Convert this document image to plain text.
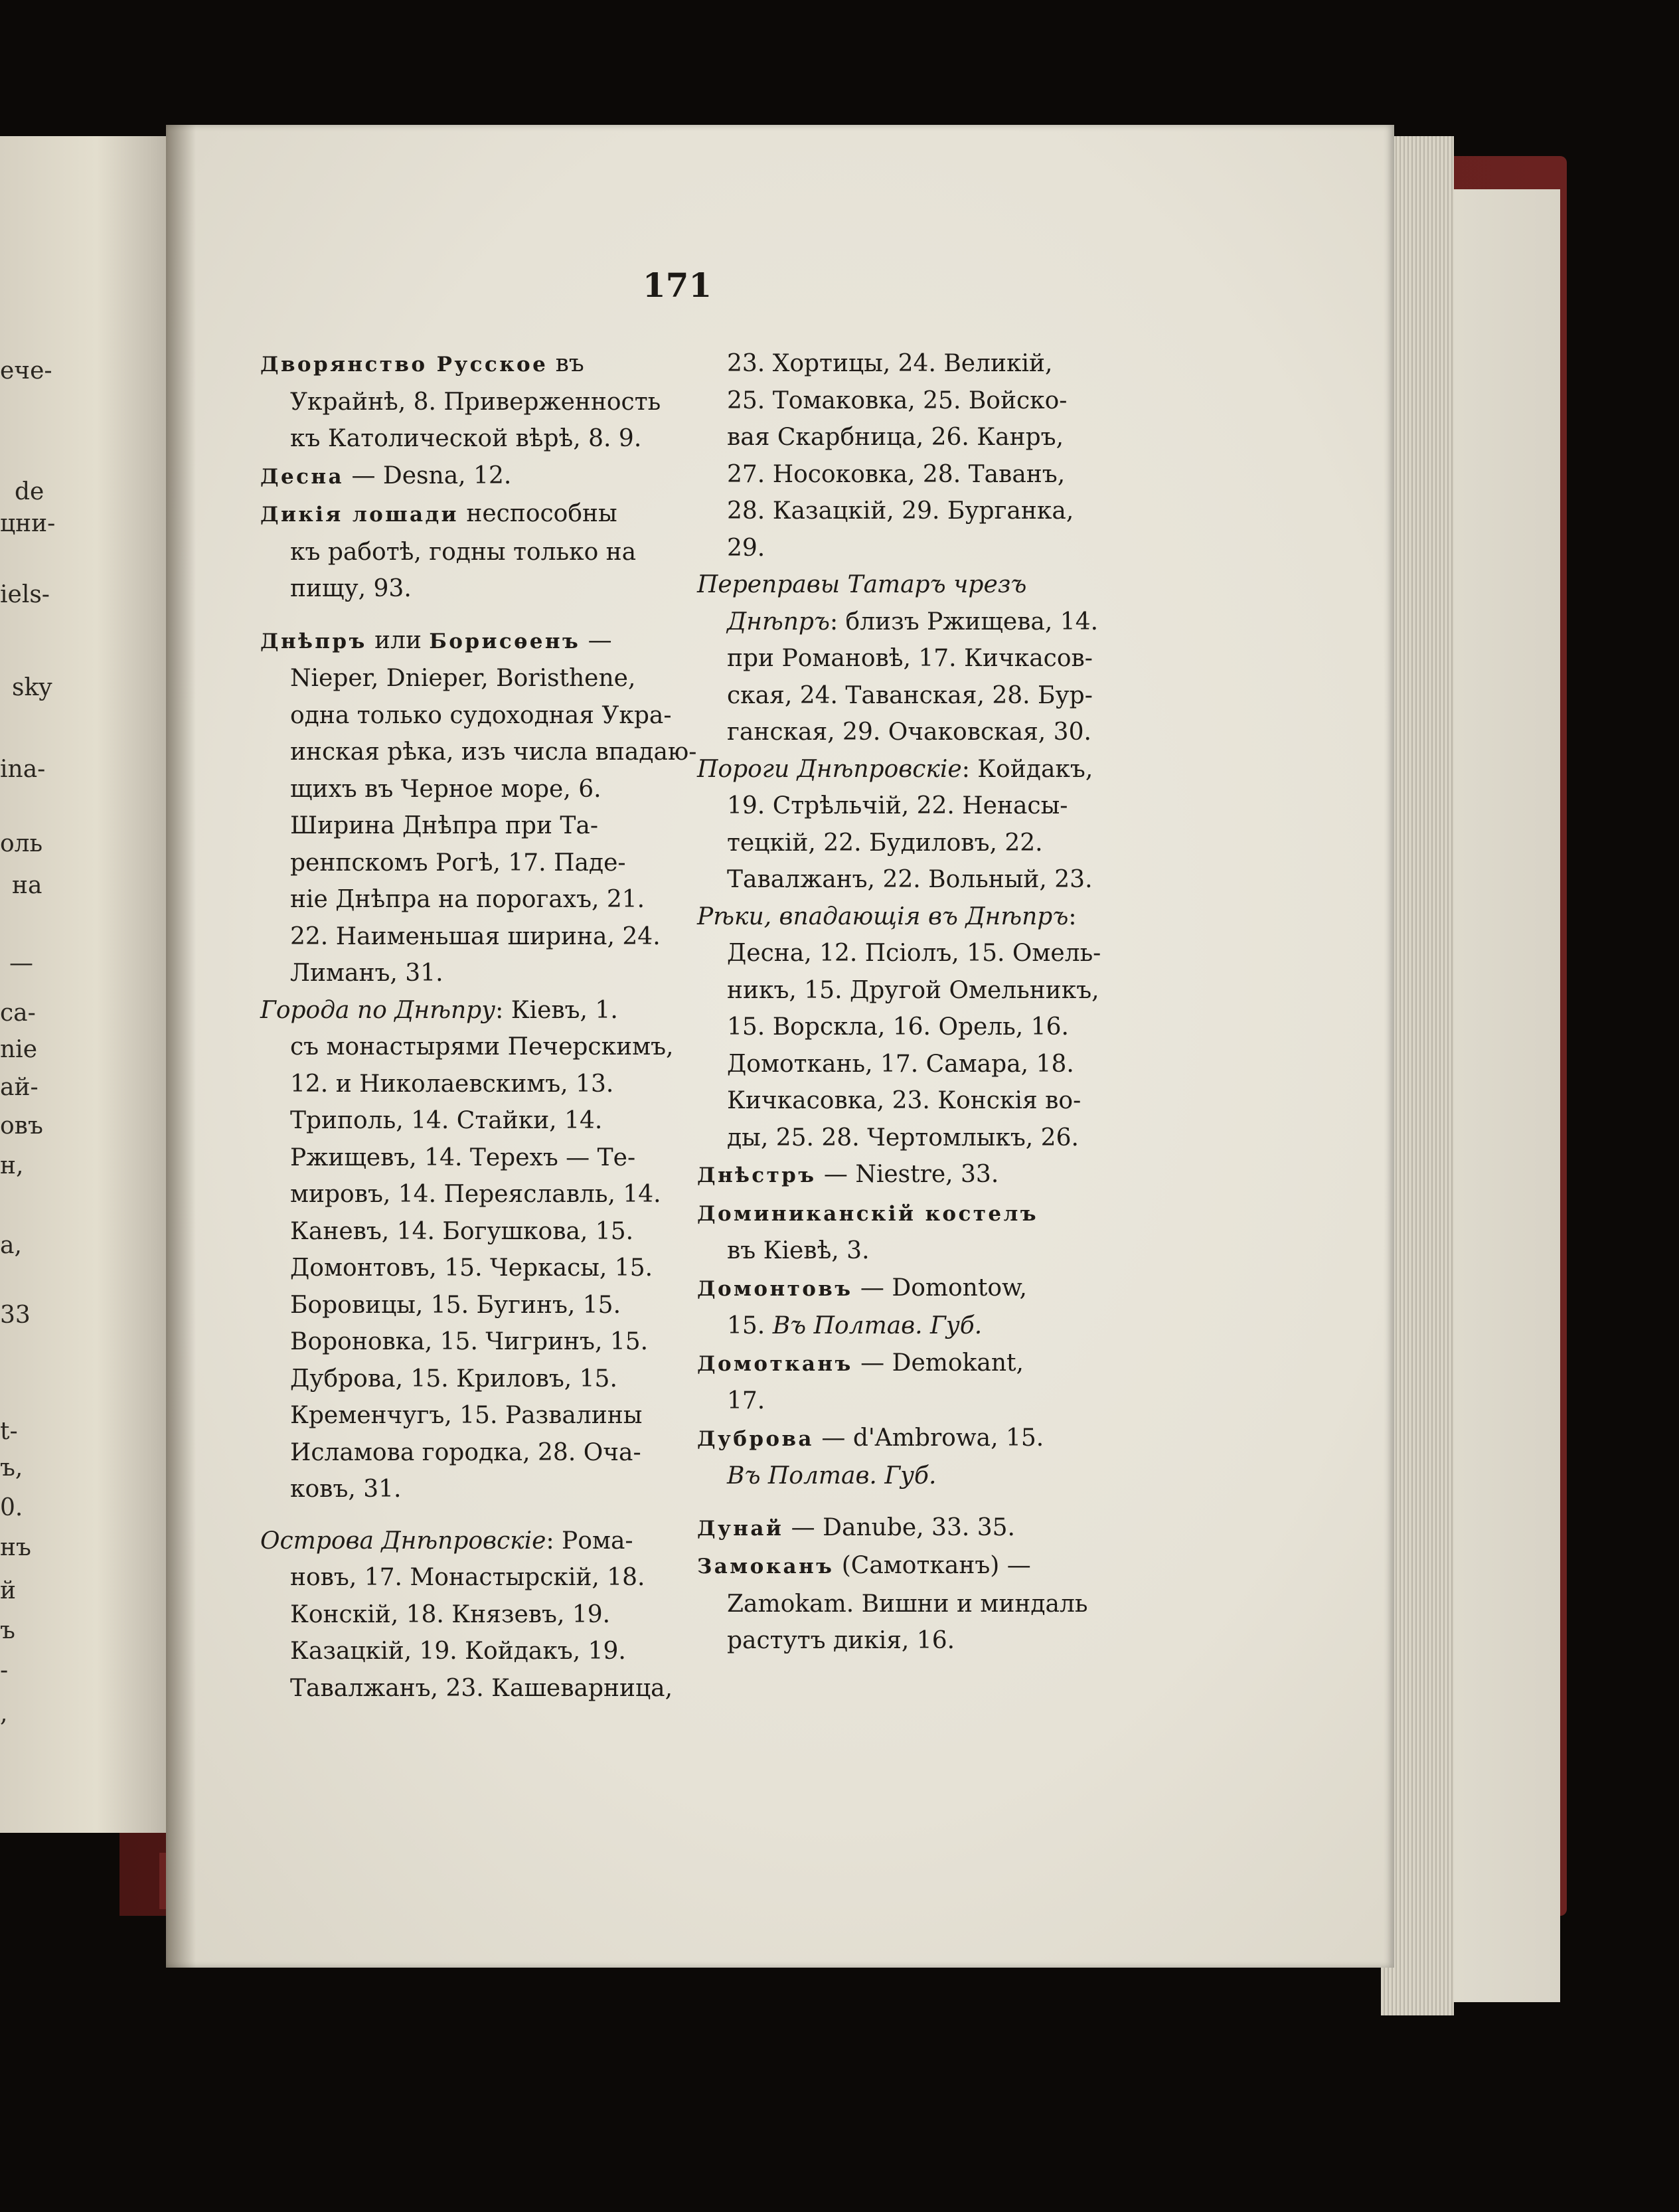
ече-
de
цни-
iels-
sky
ina-
оль
на
—
са-
nie
ай-
овъ
н,
а,
33
t-
ъ,
0.
нъ
й
ъ
-
,
171
Дворянство Русское въ
Украйнѣ, 8. Приверженность
къ Католической вѣрѣ, 8. 9.
Десна — Desna, 12.
Дикія лошади неспособны
къ работѣ, годны только на
пищу, 93.
Днѣпръ или Борисѳенъ —
Nieper, Dnieper, Boristhene,
одна только судоходная Укра-
инская рѣка, изъ числа впадаю-
щихъ въ Черное море, 6.
Ширина Днѣпра при Та-
ренпскомъ Рогѣ, 17. Паде-
ніе Днѣпра на порогахъ, 21.
22. Наименьшая ширина, 24.
Лиманъ, 31.
Города по Днѣпру: Кіевъ, 1.
съ монастырями Печерскимъ,
12. и Николаевскимъ, 13.
Триполь, 14. Стайки, 14.
Ржищевъ, 14. Терехъ — Те-
мировъ, 14. Переяславль, 14.
Каневъ, 14. Богушкова, 15.
Домонтовъ, 15. Черкасы, 15.
Боровицы, 15. Бугинъ, 15.
Вороновка, 15. Чигринъ, 15.
Дуброва, 15. Криловъ, 15.
Кременчугъ, 15. Развалины
Исламова городка, 28. Оча-
ковъ, 31.
Острова Днѣпровскіе: Рома-
новъ, 17. Монастырскій, 18.
Конскій, 18. Князевъ, 19.
Казацкій, 19. Койдакъ, 19.
Тавалжанъ, 23. Кашеварница,
23. Хортицы, 24. Великій,
25. Томаковка, 25. Войско-
вая Скарбница, 26. Канръ,
27. Носоковка, 28. Таванъ,
28. Казацкій, 29. Бурганка,
29.
Переправы Татаръ чрезъ
Днѣпръ: близъ Ржищева, 14.
при Романовѣ, 17. Кичкасов-
ская, 24. Таванская, 28. Бур-
ганская, 29. Очаковская, 30.
Пороги Днѣпровскіе: Койдакъ,
19. Стрѣльчій, 22. Ненасы-
тецкій, 22. Будиловъ, 22.
Тавалжанъ, 22. Вольный, 23.
Рѣки, впадающія въ Днѣпръ:
Десна, 12. Псіолъ, 15. Омель-
никъ, 15. Другой Омельникъ,
15. Ворскла, 16. Орель, 16.
Домоткань, 17. Самара, 18.
Кичкасовка, 23. Конскія во-
ды, 25. 28. Чертомлыкъ, 26.
Днѣстръ — Niestre, 33.
Доминиканскій костелъ
въ Кіевѣ, 3.
Домонтовъ — Domontow,
15. Въ Полтав. Губ.
Домотканъ — Demokant,
17.
Дуброва — d'Ambrowa, 15.
Въ Полтав. Губ.
Дунай — Danube, 33. 35.
Замоканъ (Самотканъ) —
Zamokam. Вишни и миндаль
растутъ дикія, 16.
